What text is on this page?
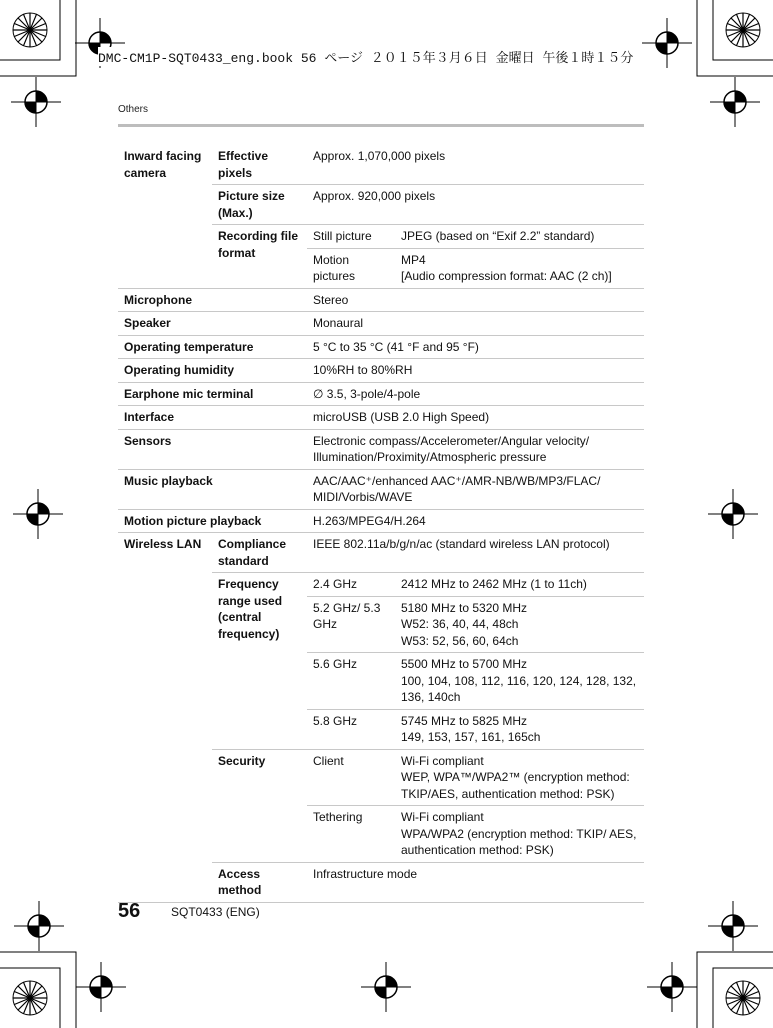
DMC-CM1P-SQT0433_eng.book 56 ページ ２０１５年３月６日 金曜日 午後１時１５分
Others
Inward facing camera	Effective pixels	Approx. 1,070,000 pixels	
	Picture size (Max.)	Approx. 920,000 pixels	
	Recording file format	Still picture	JPEG (based on “Exif 2.2” standard)
		Motion pictures	MP4
[Audio compression format: AAC (2 ch)]

Microphone		Stereo	
Speaker		Monaural	
Operating temperature		5 °C to 35 °C (41 °F and 95 °F)	
Operating humidity		10%RH to 80%RH	
Earphone mic terminal		∅ 3.5, 3-pole/4-pole	
Interface		microUSB (USB 2.0 High Speed)	
Sensors		Electronic compass/Accelerometer/Angular velocity/ Illumination/Proximity/Atmospheric pressure	
Music playback		AAC/AAC⁺/enhanced AAC⁺/AMR-NB/WB/MP3/FLAC/ MIDI/Vorbis/WAVE	
Motion picture playback		H.263/MPEG4/H.264	
Wireless LAN	Compliance standard	IEEE 802.11a/b/g/n/ac (standard wireless LAN protocol)	
	Frequency range used (central frequency)	2.4 GHz	2412 MHz to 2462 MHz (1 to 11ch)
		5.2 GHz/ 5.3 GHz	5180 MHz to 5320 MHz
W52: 36, 40, 44, 48ch
W53: 52, 56, 60, 64ch

		5.6 GHz	5500 MHz to 5700 MHz
100, 104, 108, 112, 116, 120, 124, 128, 132, 136, 140ch

		5.8 GHz	5745 MHz to 5825 MHz
149, 153, 157, 161, 165ch

	Security	Client	Wi-Fi compliant
WEP, WPA™/WPA2™ (encryption method: TKIP/AES, authentication method: PSK)

		Tethering	Wi-Fi compliant
WPA/WPA2 (encryption method: TKIP/ AES, authentication method: PSK)

	Access method	Infrastructure mode	
56	SQT0433 (ENG)
